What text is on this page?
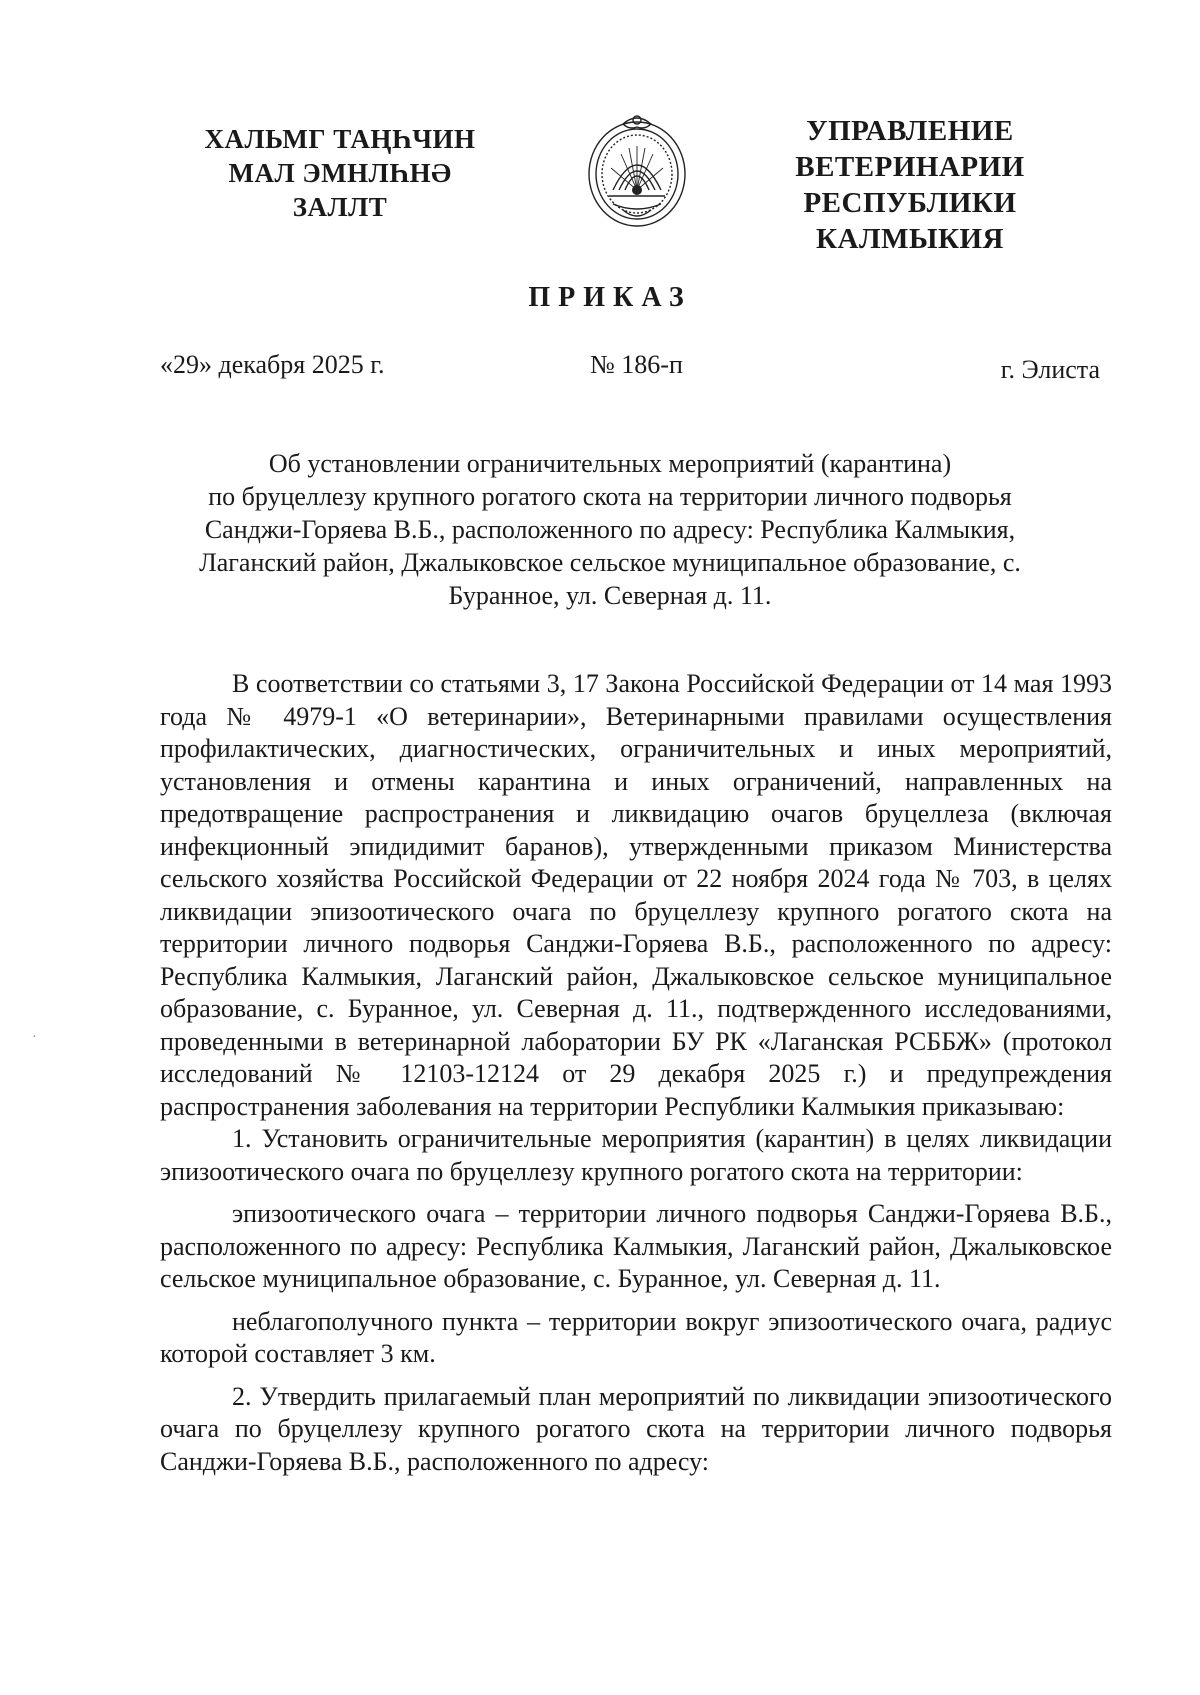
ХАЛЬМГ ТАҢҺЧИН
МАЛ ЭМНЛҺНӘ
ЗАЛЛТ
УПРАВЛЕНИЕ
ВЕТЕРИНАРИИ
РЕСПУБЛИКИ
КАЛМЫКИЯ
ПРИКАЗ
«29» декабря 2025 г.	№ 186-п	г. Элиста
Об установлении ограничительных мероприятий (карантина)
по бруцеллезу крупного рогатого скота на территории личного подворья
Санджи-Горяева В.Б., расположенного по адресу: Республика Калмыкия,
Лаганский район, Джалыковское сельское муниципальное образование, с.
Буранное, ул. Северная д. 11.
·

В соответствии со статьями 3, 17 Закона Российской Федерации от 14 мая 1993 года № 4979-1 «О ветеринарии», Ветеринарными правилами осуществления профилактических, диагностических, ограничительных и иных мероприятий, установления и отмены карантина и иных ограничений, направленных на предотвращение распространения и ликвидацию очагов бруцеллеза (включая инфекционный эпидидимит баранов), утвержденными приказом Министерства сельского хозяйства Российской Федерации от 22 ноября 2024 года № 703, в целях ликвидации эпизоотического очага по бруцеллезу крупного рогатого скота на территории личного подворья Санджи-Горяева В.Б., расположенного по адресу: Республика Калмыкия, Лаганский район, Джалыковское сельское муниципальное образование, с. Буранное, ул. Северная д. 11., подтвержденного исследованиями, проведенными в ветеринарной лаборатории БУ РК «Лаганская РСББЖ» (протокол исследований № 12103-12124 от 29 декабря 2025 г.) и предупреждения распространения заболевания на территории Республики Калмыкия приказываю:

1. Установить ограничительные мероприятия (карантин) в целях ликвидации эпизоотического очага по бруцеллезу крупного рогатого скота на территории:

эпизоотического очага – территории личного подворья Санджи-Горяева В.Б., расположенного по адресу: Республика Калмыкия, Лаганский район, Джалыковское сельское муниципальное образование, с. Буранное, ул. Северная д. 11.

неблагополучного пункта – территории вокруг эпизоотического очага, радиус которой составляет 3 км.

2. Утвердить прилагаемый план мероприятий по ликвидации эпизоотического очага по бруцеллезу крупного рогатого скота на территории личного подворья Санджи-Горяева В.Б., расположенного по адресу:
